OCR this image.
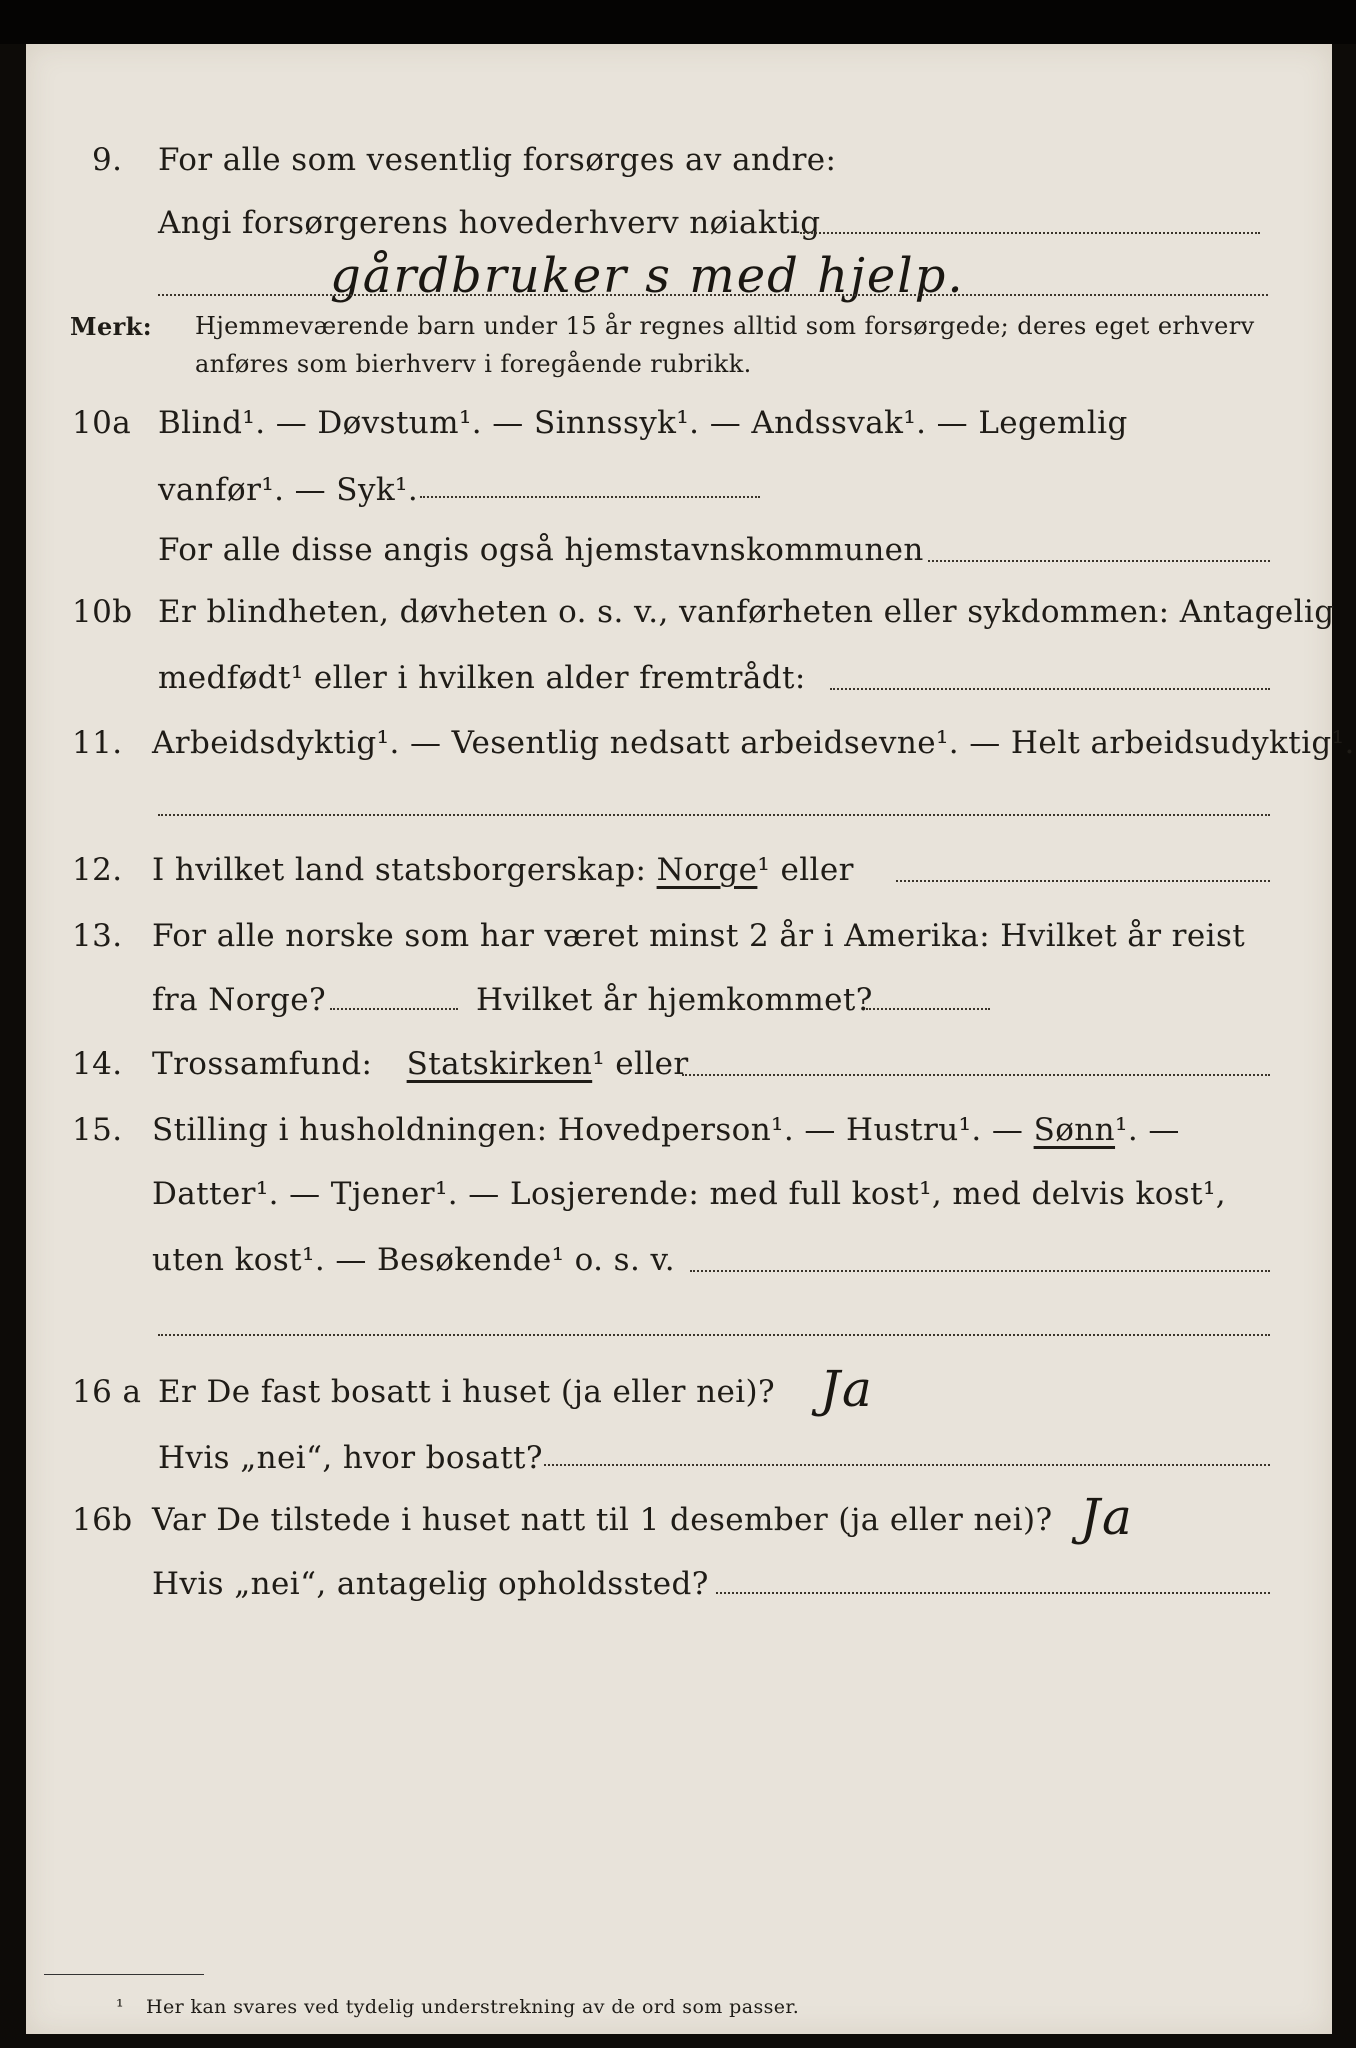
9. For alle som vesentlig forsørges av andre:
Angi forsørgerens hovederhverv nøiaktig
gårdbruker s med hjelp.
Merk: Hjemmeværende barn under 15 år regnes alltid som forsørgede; deres eget erhverv
anføres som bierhverv i foregående rubrikk.
10a Blind¹. — Døvstum¹. — Sinnssyk¹. — Andssvak¹. — Legemlig
vanfør¹. — Syk¹.
For alle disse angis også hjemstavnskommunen
10b Er blindheten, døvheten o. s. v., vanførheten eller sykdommen: Antagelig
medfødt¹ eller i hvilken alder fremtrådt:
11. Arbeidsdyktig¹. — Vesentlig nedsatt arbeidsevne¹. — Helt arbeidsudyktig¹.
12. I hvilket land statsborgerskap: Norge¹ eller
13. For alle norske som har været minst 2 år i Amerika: Hvilket år reist
fra Norge?	Hvilket år hjemkommet?
14. Trossamfund: Statskirken¹ eller
15. Stilling i husholdningen: Hovedperson¹. — Hustru¹. — Sønn¹. —
Datter¹. — Tjener¹. — Losjerende: med full kost¹, med delvis kost¹,
uten kost¹. — Besøkende¹ o. s. v.
16 a Er De fast bosatt i huset (ja eller nei)? Ja
Hvis „nei“, hvor bosatt?
16b Var De tilstede i huset natt til 1 desember (ja eller nei)? Ja
Hvis „nei“, antagelig opholdssted?
¹ Her kan svares ved tydelig understrekning av de ord som passer.
